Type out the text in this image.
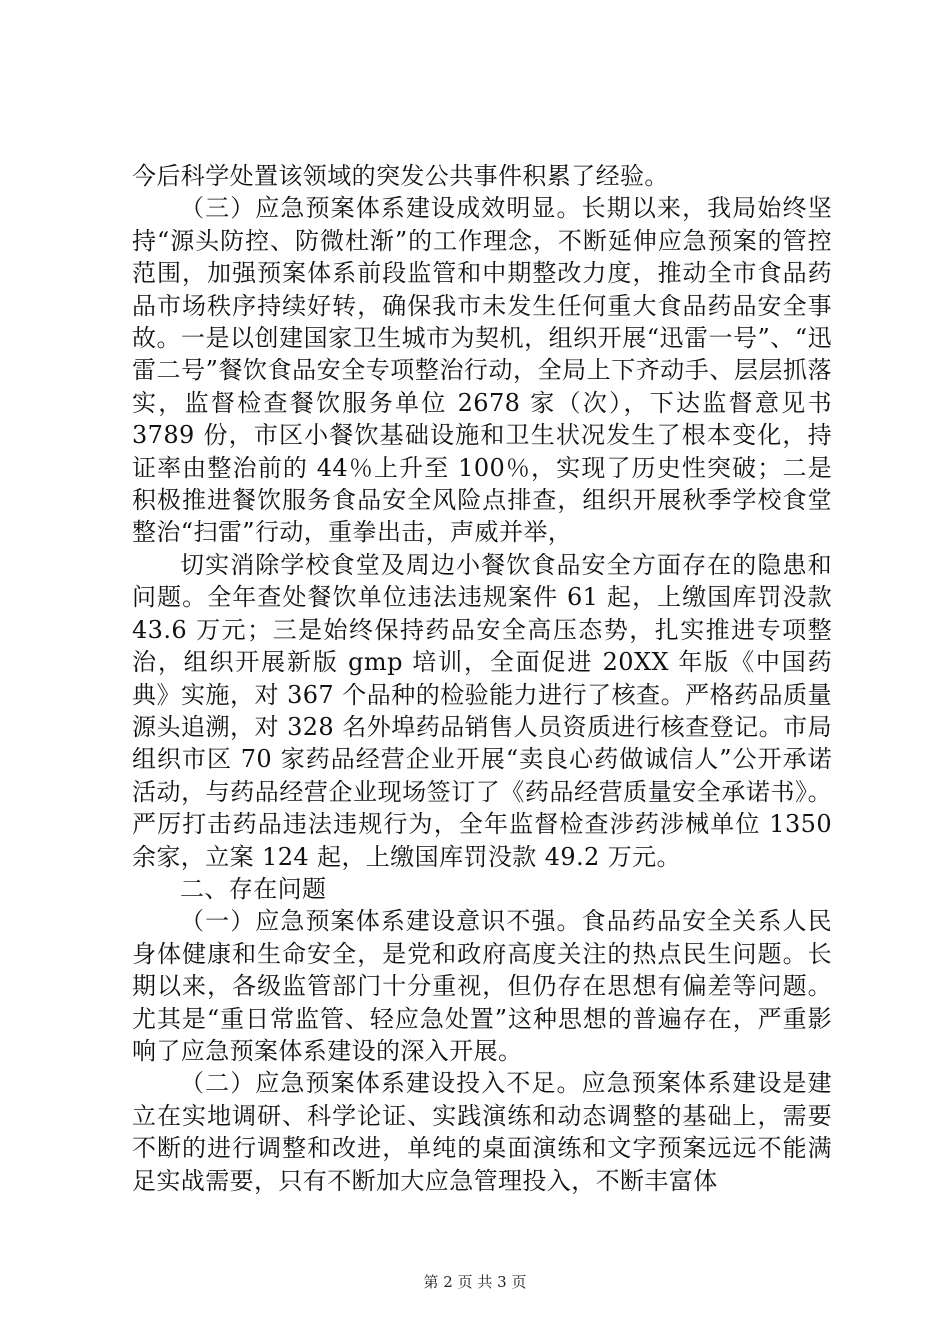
今后科学处置该领域的突发公共事件积累了经验。

（三）应急预案体系建设成效明显。长期以来，我局始终坚持“源头防控、防微杜渐”的工作理念，不断延伸应急预案的管控范围，加强预案体系前段监管和中期整改力度，推动全市食品药品市场秩序持续好转，确保我市未发生任何重大食品药品安全事故。一是以创建国家卫生城市为契机，组织开展“迅雷一号”、“迅雷二号”餐饮食品安全专项整治行动，全局上下齐动手、层层抓落实，监督检查餐饮服务单位 2678 家（次），下达监督意见书 3789 份，市区小餐饮基础设施和卫生状况发生了根本变化，持证率由整治前的 44％上升至 100％，实现了历史性突破；二是积极推进餐饮服务食品安全风险点排查，组织开展秋季学校食堂整治“扫雷”行动，重拳出击，声威并举，

切实消除学校食堂及周边小餐饮食品安全方面存在的隐患和问题。全年查处餐饮单位违法违规案件 61 起，上缴国库罚没款 43.6 万元；三是始终保持药品安全高压态势，扎实推进专项整治，组织开展新版 gmp 培训，全面促进 20XX 年版《中国药典》实施，对 367 个品种的检验能力进行了核查。严格药品质量源头追溯，对 328 名外埠药品销售人员资质进行核查登记。市局组织市区 70 家药品经营企业开展“卖良心药做诚信人”公开承诺活动，与药品经营企业现场签订了《药品经营质量安全承诺书》。严厉打击药品违法违规行为，全年监督检查涉药涉械单位 1350 余家，立案 124 起，上缴国库罚没款 49.2 万元。

二、存在问题

（一）应急预案体系建设意识不强。食品药品安全关系人民身体健康和生命安全，是党和政府高度关注的热点民生问题。长期以来，各级监管部门十分重视，但仍存在思想有偏差等问题。尤其是“重日常监管、轻应急处置”这种思想的普遍存在，严重影响了应急预案体系建设的深入开展。

（二）应急预案体系建设投入不足。应急预案体系建设是建立在实地调研、科学论证、实践演练和动态调整的基础上，需要不断的进行调整和改进，单纯的桌面演练和文字预案远远不能满足实战需要，只有不断加大应急管理投入，不断丰富体

第 2 页 共 3 页
